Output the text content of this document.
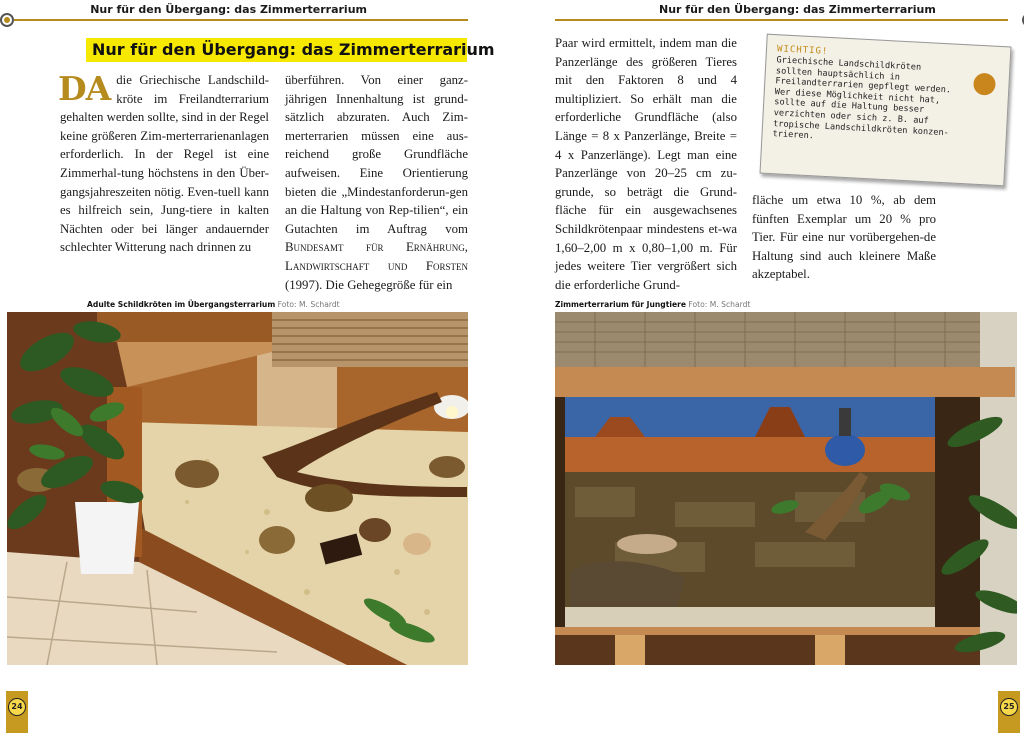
Nur für den Übergang: das Zimmerterrarium
Nur für den Übergang: das Zimmerterrarium

DA die Griechische Landschild-kröte im Freilandterrarium gehalten werden sollte, sind in der Regel keine größeren Zim-merterrarienanlagen erforderlich. In der Regel ist eine Zimmerhal-tung höchstens in den Über-gangsjahreszeiten nötig. Even-tuell kann es hilfreich sein, Jung-tiere in kalten Nächten oder bei länger andauernder schlechter Witterung nach drinnen zu

überführen. Von einer ganz-jährigen Innenhaltung ist grund-sätzlich abzuraten. Auch Zim-merterrarien müssen eine aus-reichend große Grundfläche aufweisen. Eine Orientierung bieten die „Mindestanforderun-gen an die Haltung von Rep-tilien“, ein Gutachten im Auftrag vom Bundesamt für Ernährung, Landwirtschaft und Forsten (1997). Die Gehegegröße für ein

Adulte Schildkröten im Übergangsterrarium Foto: M. Schardt
24
Nur für den Übergang: das Zimmerterrarium

Paar wird ermittelt, indem man die Panzerlänge des größeren Tieres mit den Faktoren 8 und 4 multipliziert. So erhält man die erforderliche Grundfläche (also Länge = 8 x Panzerlänge, Breite = 4 x Panzerlänge). Legt man eine Panzerlänge von 20–25 cm zu-grunde, so beträgt die Grund-fläche für ein ausgewachsenes Schildkrötenpaar mindestens et-wa 1,60–2,00 m x 0,80–1,00 m. Für jedes weitere Tier vergrößert sich die erforderliche Grund-

fläche um etwa 10 %, ab dem fünften Exemplar um 20 % pro Tier. Für eine nur vorübergehen-de Haltung sind auch kleinere Maße akzeptabel.

WICHTIG!
Griechische Landschildkröten
sollten hauptsächlich in
Freilandterrarien gepflegt werden.
Wer diese Möglichkeit nicht hat,
sollte auf die Haltung besser
verzichten oder sich z. B. auf
tropische Landschildkröten konzen-
trieren.
Zimmerterrarium für Jungtiere Foto: M. Schardt
25
